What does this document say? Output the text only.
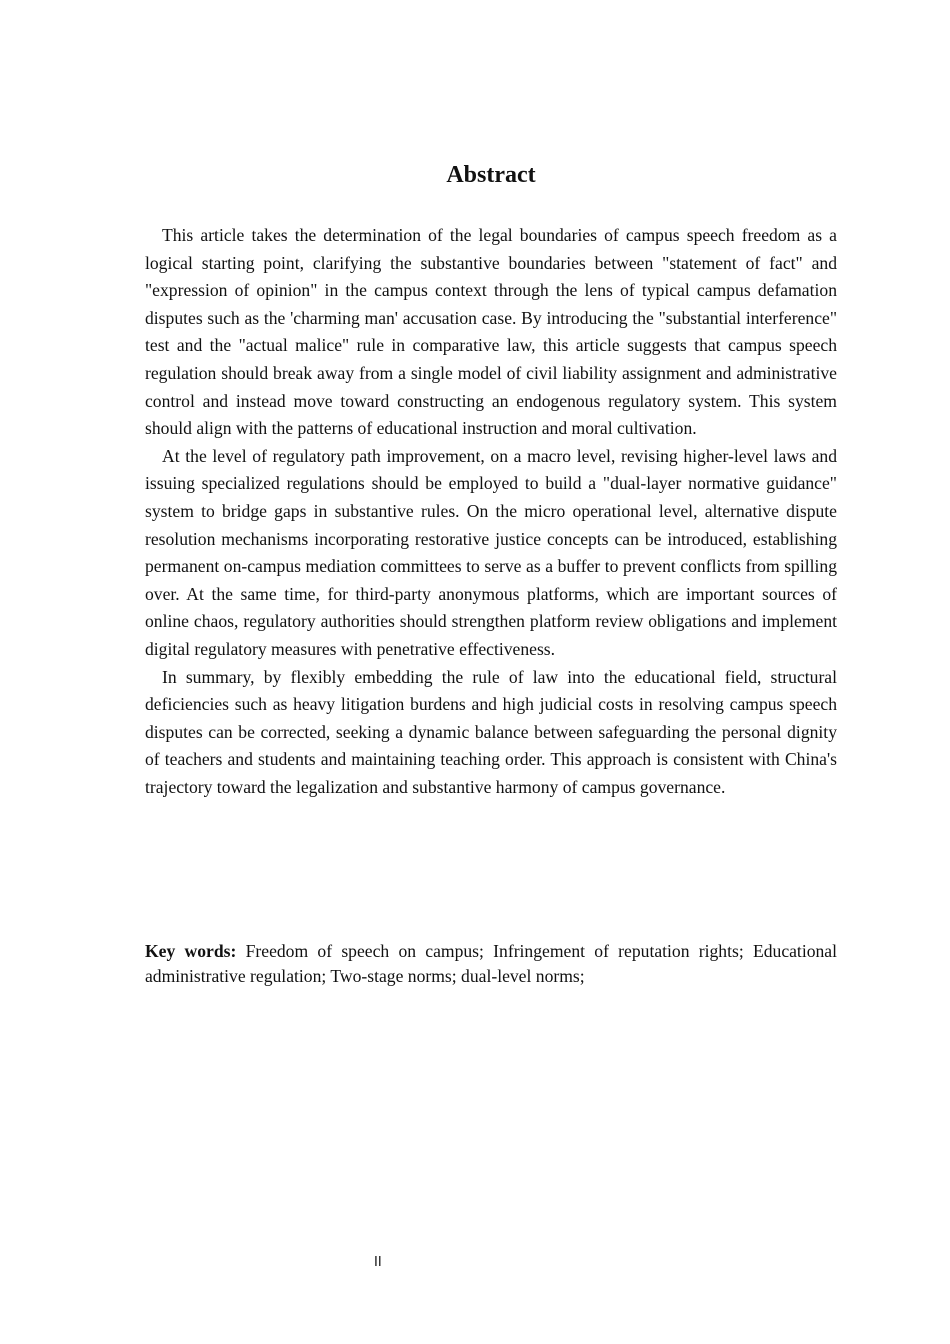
Abstract

This article takes the determination of the legal boundaries of campus speech freedom as a logical starting point, clarifying the substantive boundaries between "statement of fact" and "expression of opinion" in the campus context through the lens of typical campus defamation disputes such as the 'charming man' accusation case. By introducing the "substantial interference" test and the "actual malice" rule in comparative law, this article suggests that campus speech regulation should break away from a single model of civil liability assignment and administrative control and instead move toward constructing an endogenous regulatory system. This system should align with the patterns of educational instruction and moral cultivation.

At the level of regulatory path improvement, on a macro level, revising higher-level laws and issuing specialized regulations should be employed to build a "dual-layer normative guidance" system to bridge gaps in substantive rules. On the micro operational level, alternative dispute resolution mechanisms incorporating restorative justice concepts can be introduced, establishing permanent on-campus mediation committees to serve as a buffer to prevent conflicts from spilling over. At the same time, for third-party anonymous platforms, which are important sources of online chaos, regulatory authorities should strengthen platform review obligations and implement digital regulatory measures with penetrative effectiveness.

In summary, by flexibly embedding the rule of law into the educational field, structural deficiencies such as heavy litigation burdens and high judicial costs in resolving campus speech disputes can be corrected, seeking a dynamic balance between safeguarding the personal dignity of teachers and students and maintaining teaching order. This approach is consistent with China's trajectory toward the legalization and substantive harmony of campus governance.

Key words: Freedom of speech on campus; Infringement of reputation rights; Educational administrative regulation; Two-stage norms; dual-level norms;

II
